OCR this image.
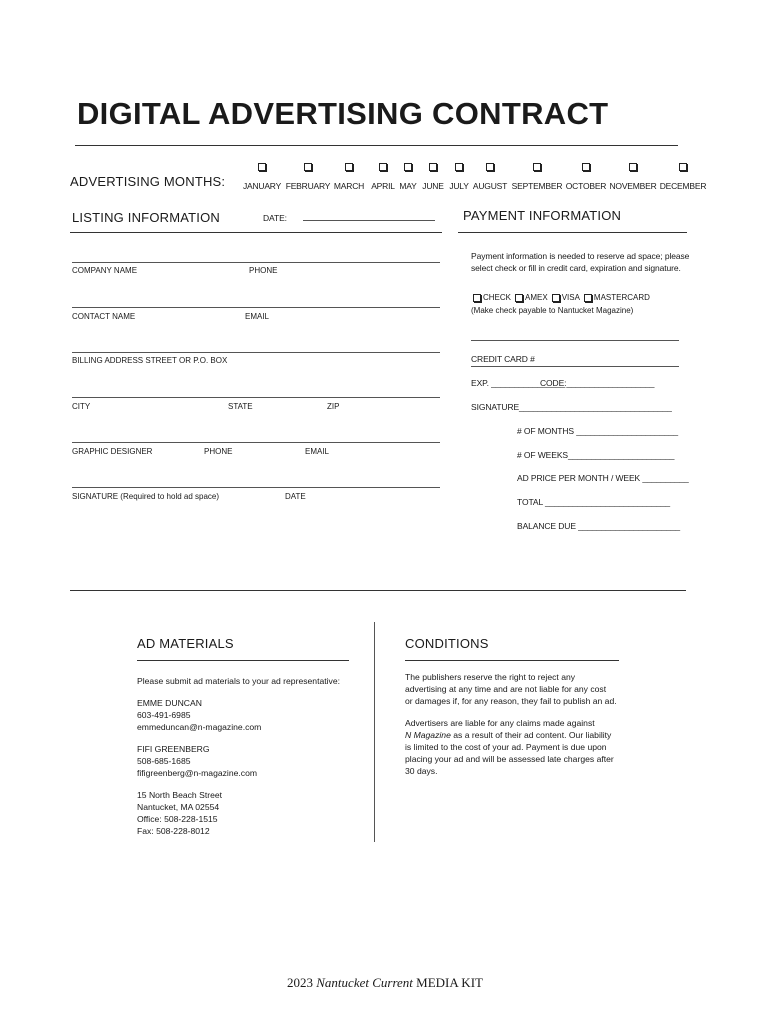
DIGITAL ADVERTISING CONTRACT
ADVERTISING MONTHS: JANUARY FEBRUARY MARCH APRIL MAY JUNE JULY AUGUST SEPTEMBER OCTOBER NOVEMBER DECEMBER
LISTING INFORMATION	DATE:
COMPANY NAME	PHONE
CONTACT NAME	EMAIL
BILLING ADDRESS STREET OR P.O. BOX
CITY	STATE	ZIP
GRAPHIC DESIGNER	PHONE	EMAIL
SIGNATURE (Required to hold ad space)	DATE
PAYMENT INFORMATION
Payment information is needed to reserve ad space; please
select check or fill in credit card, expiration and signature.
CHECK AMEX VISA MASTERCARD
(Make check payable to Nantucket Magazine)
CREDIT CARD #
EXP. ________________
CODE:___________________
SIGNATURE_________________________________
# OF MONTHS ______________________
# OF WEEKS_______________________
AD PRICE PER MONTH / WEEK __________
TOTAL ___________________________
BALANCE DUE ______________________
AD MATERIALS
Please submit ad materials to your ad representative:
EMME DUNCAN
603-491-6985
emmeduncan@n-magazine.com
FIFI GREENBERG
508-685-1685
fifigreenberg@n-magazine.com
15 North Beach Street
Nantucket, MA 02554
Office: 508-228-1515
Fax: 508-228-8012
CONDITIONS
The publishers reserve the right to reject any
advertising at any time and are not liable for any cost
or damages if, for any reason, they fail to publish an ad.
Advertisers are liable for any claims made against
N Magazine as a result of their ad content. Our liability
is limited to the cost of your ad. Payment is due upon
placing your ad and will be assessed late charges after
30 days.
2023 Nantucket Current MEDIA KIT
